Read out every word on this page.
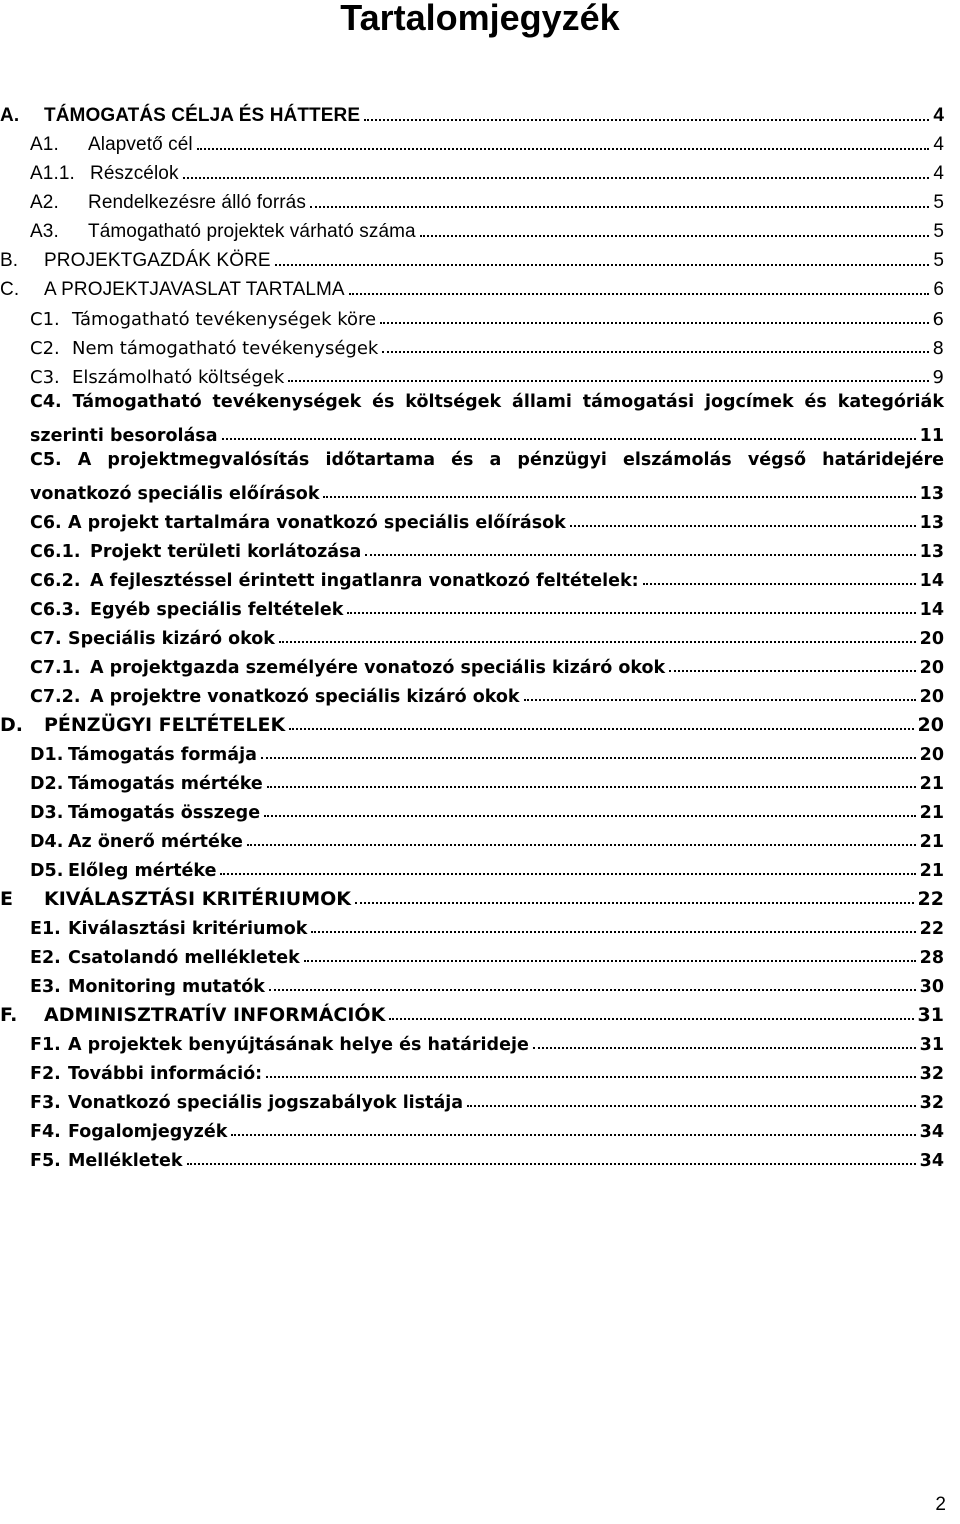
Tartalomjegyzék
A.	TÁMOGATÁS CÉLJA ÉS HÁTTERE	4
A1.	Alapvető cél	4
A1.1. Részcélok	4
A2.	Rendelkezésre álló forrás	5
A3.	Támogatható projektek várható száma	5
B.	PROJEKTGAZDÁK KÖRE	5
C.	A PROJEKTJAVASLAT TARTALMA	6
C1. Támogatható tevékenységek köre	6
C2. Nem támogatható tevékenységek	8
C3. Elszámolható költségek	9
C4. Támogatható tevékenységek és költségek állami támogatási jogcímek és kategóriák
szerinti besorolása	11
C5. A projektmegvalósítás időtartama és a pénzügyi elszámolás végső határidejére
vonatkozó speciális előírások	13
C6. A projekt tartalmára vonatkozó speciális előírások	13
C6.1. Projekt területi korlátozása	13
C6.2. A fejlesztéssel érintett ingatlanra vonatkozó feltételek:	14
C6.3. Egyéb speciális feltételek	14
C7. Speciális kizáró okok	20
C7.1. A projektgazda személyére vonatozó speciális kizáró okok	20
C7.2. A projektre vonatkozó speciális kizáró okok	20
D.	PÉNZÜGYI FELTÉTELEK	20
D1. Támogatás formája	20
D2. Támogatás mértéke	21
D3. Támogatás összege	21
D4. Az önerő mértéke	21
D5. Előleg mértéke	21
E	KIVÁLASZTÁSI KRITÉRIUMOK	22
E1. Kiválasztási kritériumok	22
E2. Csatolandó mellékletek	28
E3. Monitoring mutatók	30
F.	ADMINISZTRATÍV INFORMÁCIÓK	31
F1. A projektek benyújtásának helye és határideje	31
F2. További információ:	32
F3. Vonatkozó speciális jogszabályok listája	32
F4. Fogalomjegyzék	34
F5. Mellékletek	34
2
